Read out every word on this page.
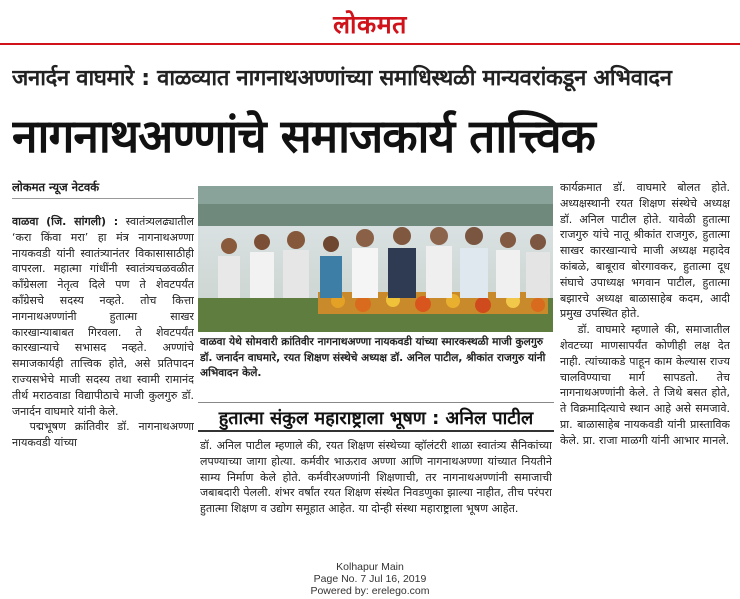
लोकमत
जनार्दन वाघमारे : वाळव्यात नागनाथअण्णांच्या समाधिस्थळी मान्यवरांकडून अभिवादन
नागनाथअण्णांचे समाजकार्य तात्त्विक
लोकमत न्यूज नेटवर्क

वाळवा (जि. सांगली) : स्वातंत्र्यलढ्यातील ‘करा किंवा मरा’ हा मंत्र नागनाथअण्णा नायकवडी यांनी स्वातंत्र्यानंतर विकासासाठीही वापरला. महात्मा गांधींनी स्वातंत्र्यचळवळीत काँग्रेसला नेतृत्व दिले पण ते शेवटपर्यंत काँग्रेसचे सदस्य नव्हते. तोच कित्ता नागनाथअण्णांनी हुतात्मा साखर कारखान्याबाबत गिरवला. ते शेवटपर्यंत कारखान्याचे सभासद नव्हते. अण्णांचे समाजकार्यही तात्त्विक होते, असे प्रतिपादन राज्यसभेचे माजी सदस्य तथा स्वामी रामानंद तीर्थ मराठवाडा विद्यापीठाचे माजी कुलगुरु डॉ. जनार्दन वाघमारे यांनी केले.

पद्मभूषण क्रांतिवीर डॉ. नागनाथअण्णा नायकवडी यांच्या

वाळवा येथे सोमवारी क्रांतिवीर नागनाथअण्णा नायकवडी यांच्या स्मारकस्थळी माजी कुलगुरु डॉ. जनार्दन वाघमारे, रयत शिक्षण संस्थेचे अध्यक्ष डॉ. अनिल पाटील, श्रीकांत राजगुरु यांनी अभिवादन केले.
हुतात्मा संकुल महाराष्ट्राला भूषण : अनिल पाटील
डॉ. अनिल पाटील म्हणाले की, रयत शिक्षण संस्थेच्या व्हॉलंटरी शाळा स्वातंत्र्य सैनिकांच्या लपण्याच्या जागा होत्या. कर्मवीर भाऊराव अण्णा आणि नागनाथअण्णा यांच्यात नियतीने साम्य निर्माण केले होते. कर्मवीरअण्णांनी शिक्षणाची, तर नागनाथअण्णांनी समाजाची जबाबदारी पेलली. शंभर वर्षांत रयत शिक्षण संस्थेत निवडणुका झाल्या नाहीत, तीच परंपरा हुतात्मा शिक्षण व उद्योग समूहात आहेत. या दोन्ही संस्था महाराष्ट्राला भूषण आहेत.

कार्यक्रमात डॉ. वाघमारे बोलत होते. अध्यक्षस्थानी रयत शिक्षण संस्थेचे अध्यक्ष डॉ. अनिल पाटील होते. यावेळी हुतात्मा राजगुरु यांचे नातू श्रीकांत राजगुरु, हुतात्मा साखर कारखान्याचे माजी अध्यक्ष महादेव कांबळे, बाबूराव बोरगावकर, हुतात्मा दूध संघाचे उपाध्यक्ष भगवान पाटील, हुतात्मा बझारचे अध्यक्ष बाळासाहेब कदम, आदी प्रमुख उपस्थित होते.

डॉ. वाघमारे म्हणाले की, समाजातील शेवटच्या माणसापर्यंत कोणीही लक्ष देत नाही. त्यांच्याकडे पाहून काम केल्यास राज्य चालविण्याचा मार्ग सापडतो. तेच नागनाथअण्णांनी केले. ते जिथे बसत होते, ते विक्रमादित्याचे स्थान आहे असे समजावे. प्रा. बाळासाहेब नायकवडी यांनी प्रास्ताविक केले. प्रा. राजा माळगी यांनी आभार मानले.

Kolhapur Main
Page No. 7 Jul 16, 2019
Powered by: erelego.com
